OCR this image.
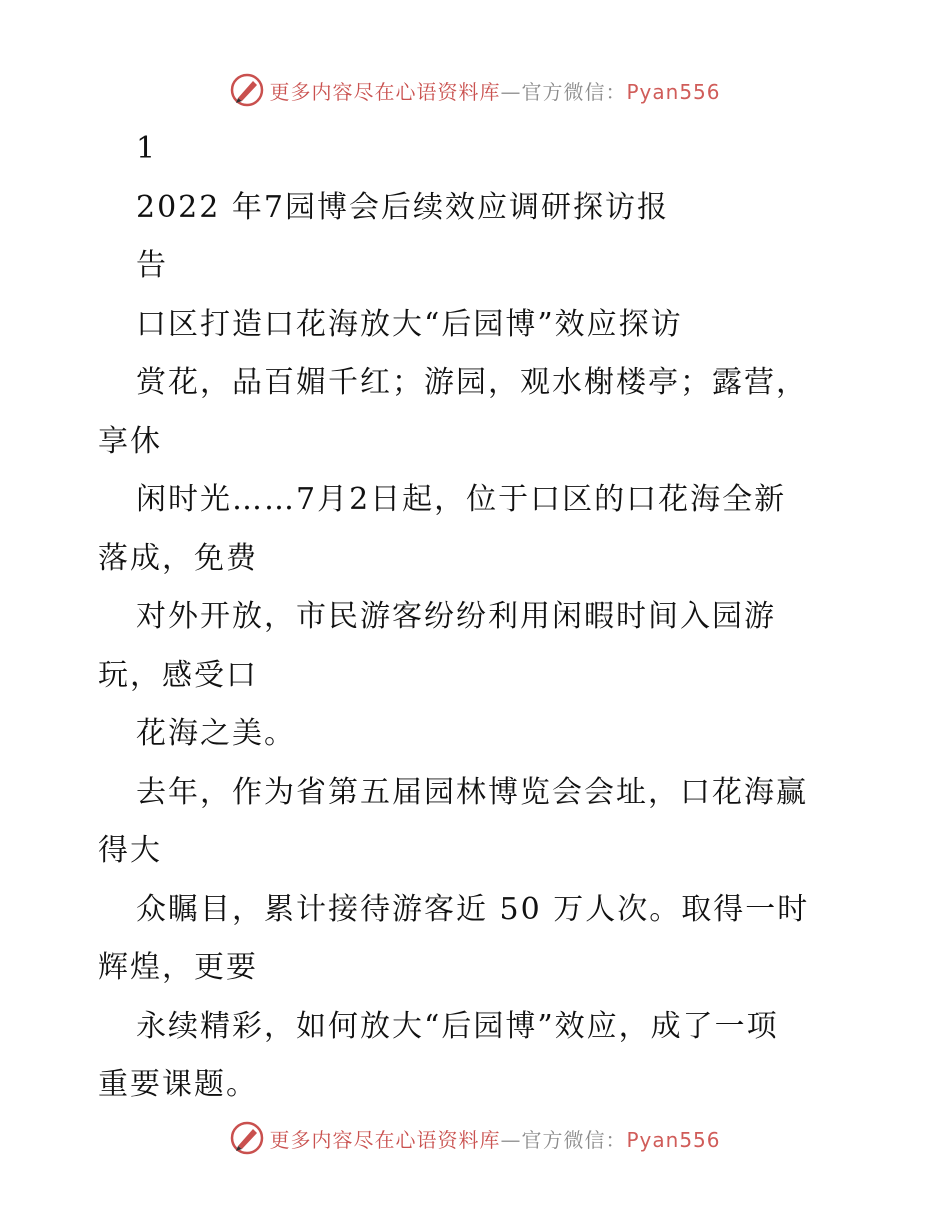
更多内容尽在心语资料库—官方微信：Pyan556
1
2022 年7园博会后续效应调研探访报
告
口区打造口花海放大“后园博”效应探访
赏花，品百媚千红；游园，观水榭楼亭；露营，
享休
闲时光……7月2日起，位于口区的口花海全新
落成，免费
对外开放，市民游客纷纷利用闲暇时间入园游
玩，感受口
花海之美。
去年，作为省第五届园林博览会会址，口花海赢
得大
众瞩目，累计接待游客近 50 万人次。取得一时
辉煌，更要
永续精彩，如何放大“后园博”效应，成了一项
重要课题。
更多内容尽在心语资料库—官方微信：Pyan556
